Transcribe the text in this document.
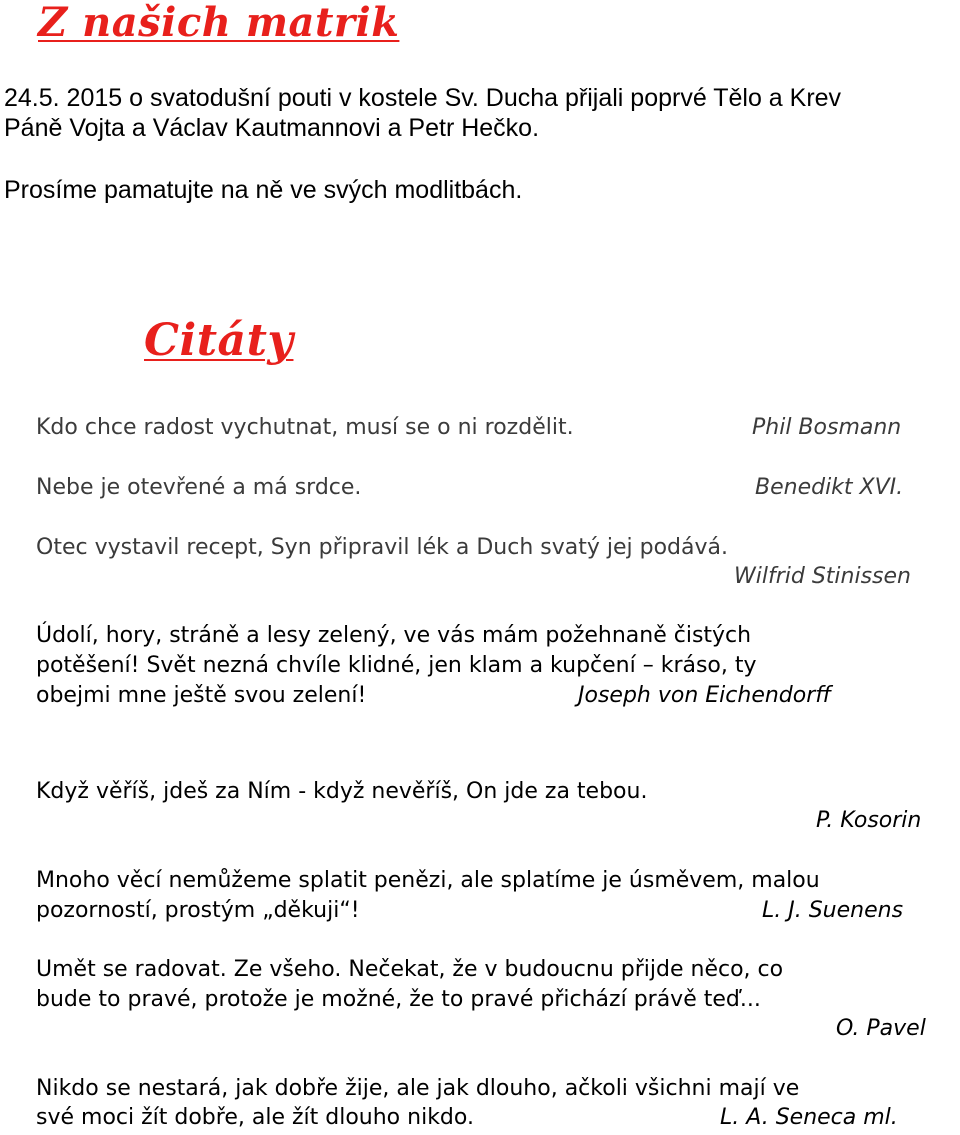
Z našich matrik
24.5. 2015 o svatodušní pouti v kostele Sv. Ducha přijali poprvé Tělo a Krev
Páně Vojta a Václav Kautmannovi a Petr Hečko.
Prosíme pamatujte na ně ve svých modlitbách.
Citáty
Kdo chce radost vychutnat, musí se o ni rozdělit.	Phil Bosmann
Nebe je otevřené a má srdce.	Benedikt XVI.
Otec vystavil recept, Syn připravil lék a Duch svatý jej podává.
Wilfrid Stinissen
Údolí, hory, stráně a lesy zelený, ve vás mám požehnaně čistých
potěšení! Svět nezná chvíle klidné, jen klam a kupčení – kráso, ty
obejmi mne ještě svou zelení!	Joseph von Eichendorff
Když věříš, jdeš za Ním - když nevěříš, On jde za tebou.
P. Kosorin
Mnoho věcí nemůžeme splatit penězi, ale splatíme je úsměvem, malou
pozorností, prostým „děkuji“!	L. J. Suenens
Umět se radovat. Ze všeho. Nečekat, že v budoucnu přijde něco, co
bude to pravé, protože je možné, že to pravé přichází právě teď...
O. Pavel
Nikdo se nestará, jak dobře žije, ale jak dlouho, ačkoli všichni mají ve
své moci žít dobře, ale žít dlouho nikdo.	L. A. Seneca ml.
